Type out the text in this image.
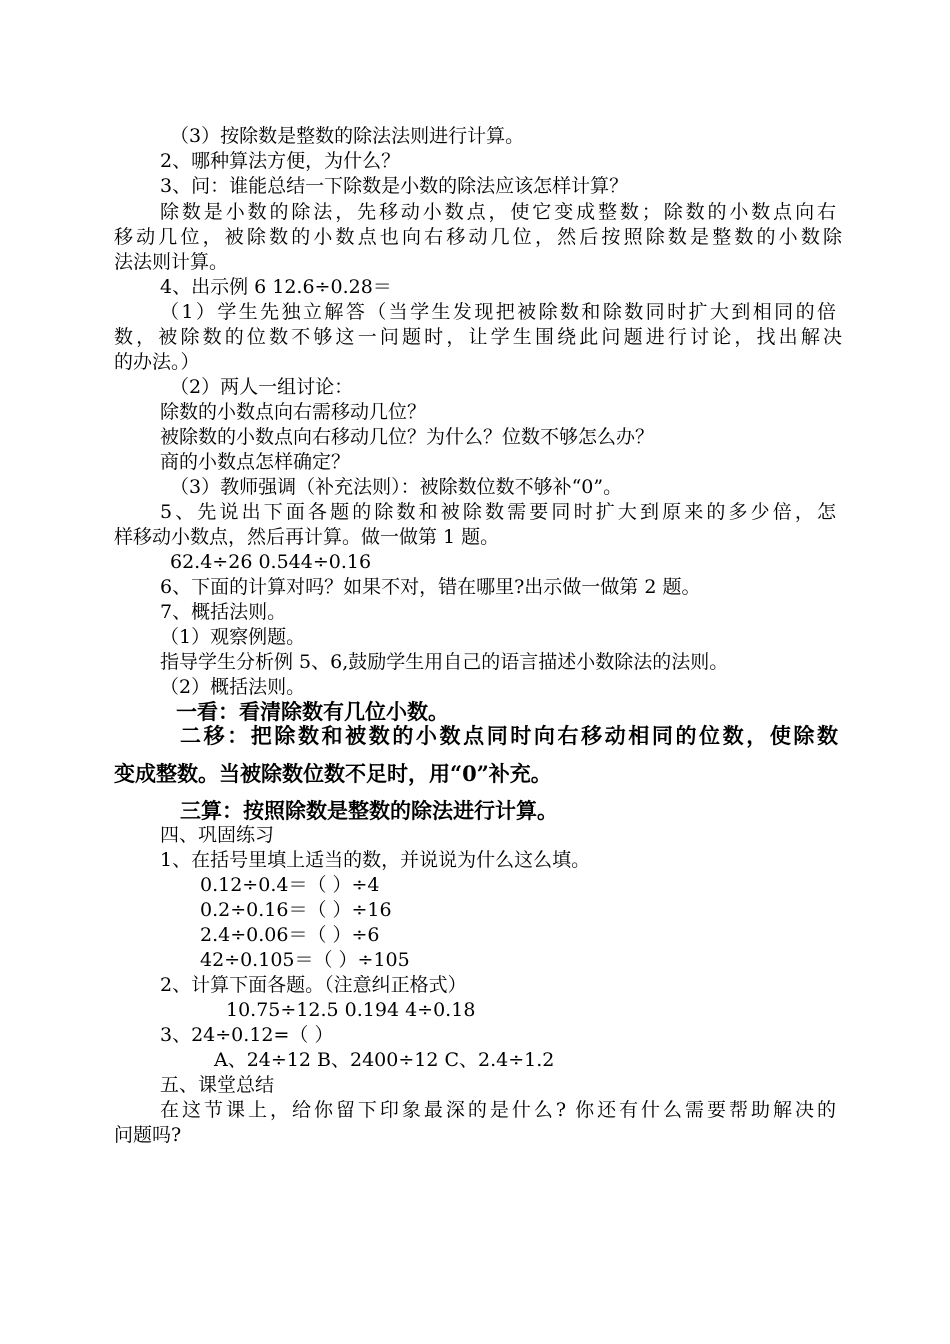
（3）按除数是整数的除法法则进行计算。
2、哪种算法方便，为什么？
3、问：谁能总结一下除数是小数的除法应该怎样计算？
除数是小数的除法，先移动小数点，使它变成整数；除数的小数点向右
移动几位，被除数的小数点也向右移动几位，然后按照除数是整数的小数除
法法则计算。
4、出示例 6 12.6÷0.28＝
（1）学生先独立解答（当学生发现把被除数和除数同时扩大到相同的倍
数，被除数的位数不够这一问题时，让学生围绕此问题进行讨论，找出解决
的办法。）
（2）两人一组讨论：
除数的小数点向右需移动几位？
被除数的小数点向右移动几位？为什么？位数不够怎么办？
商的小数点怎样确定？
（3）教师强调（补充法则）：被除数位数不够补“0”。
5、先说出下面各题的除数和被除数需要同时扩大到原来的多少倍，怎
样移动小数点，然后再计算。做一做第 1 题。
62.4÷26 0.544÷0.16
6、下面的计算对吗？如果不对，错在哪里?出示做一做第 2 题。
7、概括法则。
（1）观察例题。
指导学生分析例 5、6,鼓励学生用自己的语言描述小数除法的法则。
（2）概括法则。
一看：看清除数有几位小数。
二移：把除数和被数的小数点同时向右移动相同的位数，使除数
变成整数。当被除数位数不足时，用“0”补充。
三算：按照除数是整数的除法进行计算。
四、巩固练习
1、在括号里填上适当的数，并说说为什么这么填。
0.12÷0.4＝（ ）÷4
0.2÷0.16＝（ ）÷16
2.4÷0.06＝（ ）÷6
42÷0.105＝（ ）÷105
2、计算下面各题。（注意纠正格式）
10.75÷12.5 0.194 4÷0.18
3、24÷0.12=（ ）
A、24÷12 B、2400÷12 C、2.4÷1.2
五、课堂总结
在这节课上，给你留下印象最深的是什么? 你还有什么需要帮助解决的
问题吗?
